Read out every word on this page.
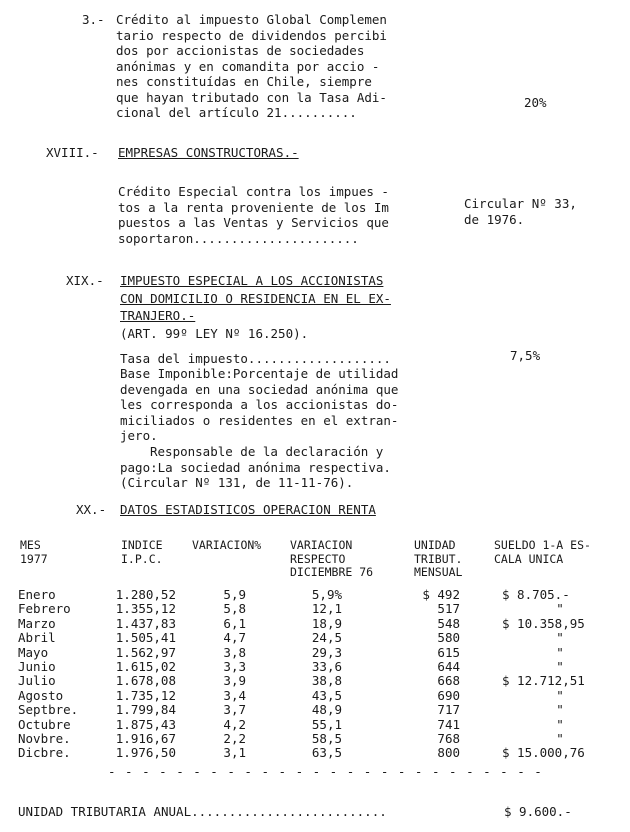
3.- Crédito al impuesto Global Complemen
tario respecto de dividendos percibi
dos por accionistas de sociedades
anónimas y en comandita por accio -
nes constituídas en Chile, siempre
que hayan tributado con la Tasa Adi-
cional del artículo 21..........
20%
XVIII.- EMPRESAS CONSTRUCTORAS.-
Crédito Especial contra los impues -
tos a la renta proveniente de los Im
puestos a las Ventas y Servicios que
soportaron......................
Circular Nº 33,
de 1976.
XIX.- IMPUESTO ESPECIAL A LOS ACCIONISTAS
CON DOMICILIO O RESIDENCIA EN EL EX-
TRANJERO.-
(ART. 99º LEY Nº 16.250).
Tasa del impuesto...................	7,5%
Base Imponible:Porcentaje de utilidad
devengada en una sociedad anónima que
les corresponda a los accionistas do-
miciliados o residentes en el extran-
jero.
Responsable de la declaración y
pago:La sociedad anónima respectiva.
(Circular Nº 131, de 11-11-76).
XX.- DATOS ESTADISTICOS OPERACION RENTA
MES
1977
INDICE
I.P.C.
VARIACION%	VARIACION
RESPECTO
DICIEMBRE 76
UNIDAD
TRIBUT.
MENSUAL
SUELDO 1-A ES-
CALA UNICA
Enero	1.280,52	5,9	5,9%	$ 492	$ 8.705.-
Febrero	1.355,12	5,8	12,1	517	"
Marzo	1.437,83	6,1	18,9	548	$ 10.358,95
Abril	1.505,41	4,7	24,5	580	"
Mayo	1.562,97	3,8	29,3	615	"
Junio	1.615,02	3,3	33,6	644	"
Julio	1.678,08	3,9	38,8	668	$ 12.712,51
Agosto	1.735,12	3,4	43,5	690	"
Septbre.	1.799,84	3,7	48,9	717	"
Octubre	1.875,43	4,2	55,1	741	"
Novbre.	1.916,67	2,2	58,5	768	"
Dicbre.	1.976,50	3,1	63,5	800	$ 15.000,76
- - - - - - - - - - - - - - - - - - - - - - - - - -
UNIDAD TRIBUTARIA ANUAL..........................	$ 9.600.-
